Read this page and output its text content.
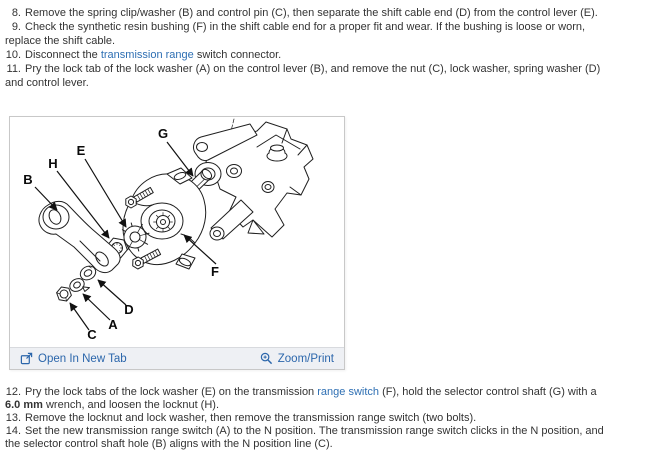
8. Remove the spring clip/washer (B) and control pin (C), then separate the shift cable end (D) from the control lever (E).

9. Check the synthetic resin bushing (F) in the shift cable end for a proper fit and wear. If the bushing is loose or worn, replace the shift cable.

10. Disconnect the transmission range switch connector.

11. Pry the lock tab of the lock washer (A) on the control lever (B), and remove the nut (C), lock washer, spring washer (D) and control lever.

B
H
E
G
F
D
A
C
Open In New Tab	Zoom/Print

12. Pry the lock tabs of the lock washer (E) on the transmission range switch (F), hold the selector control shaft (G) with a 6.0 mm wrench, and loosen the locknut (H).

13. Remove the locknut and lock washer, then remove the transmission range switch (two bolts).

14. Set the new transmission range switch (A) to the N position. The transmission range switch clicks in the N position, and the selector control shaft hole (B) aligns with the N position line (C).
